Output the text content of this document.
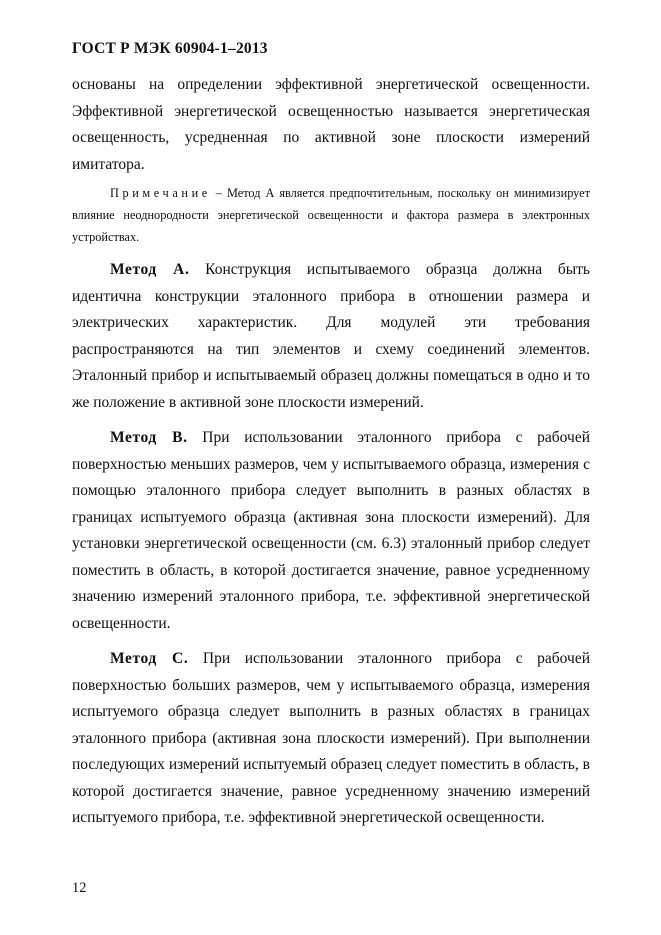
ГОСТ Р МЭК 60904-1–2013

основаны на определении эффективной энергетической освещенности. Эффективной энергетической освещенностью называется энергетическая освещенность, усредненная по активной зоне плоскости измерений имитатора.

Примечание – Метод А является предпочтительным, поскольку он минимизирует влияние неоднородности энергетической освещенности и фактора размера в электронных устройствах.

Метод А. Конструкция испытываемого образца должна быть идентична конструкции эталонного прибора в отношении размера и электрических характеристик. Для модулей эти требования распространяются на тип элементов и схему соединений элементов. Эталонный прибор и испытываемый образец должны помещаться в одно и то же положение в активной зоне плоскости измерений.

Метод В. При использовании эталонного прибора с рабочей поверхностью меньших размеров, чем у испытываемого образца, измерения с помощью эталонного прибора следует выполнить в разных областях в границах испытуемого образца (активная зона плоскости измерений). Для установки энергетической освещенности (см. 6.3) эталонный прибор следует поместить в область, в которой достигается значение, равное усредненному значению измерений эталонного прибора, т.е. эффективной энергетической освещенности.

Метод С. При использовании эталонного прибора с рабочей поверхностью больших размеров, чем у испытываемого образца, измерения испытуемого образца следует выполнить в разных областях в границах эталонного прибора (активная зона плоскости измерений). При выполнении последующих измерений испытуемый образец следует поместить в область, в которой достигается значение, равное усредненному значению измерений испытуемого прибора, т.е. эффективной энергетической освещенности.

12
